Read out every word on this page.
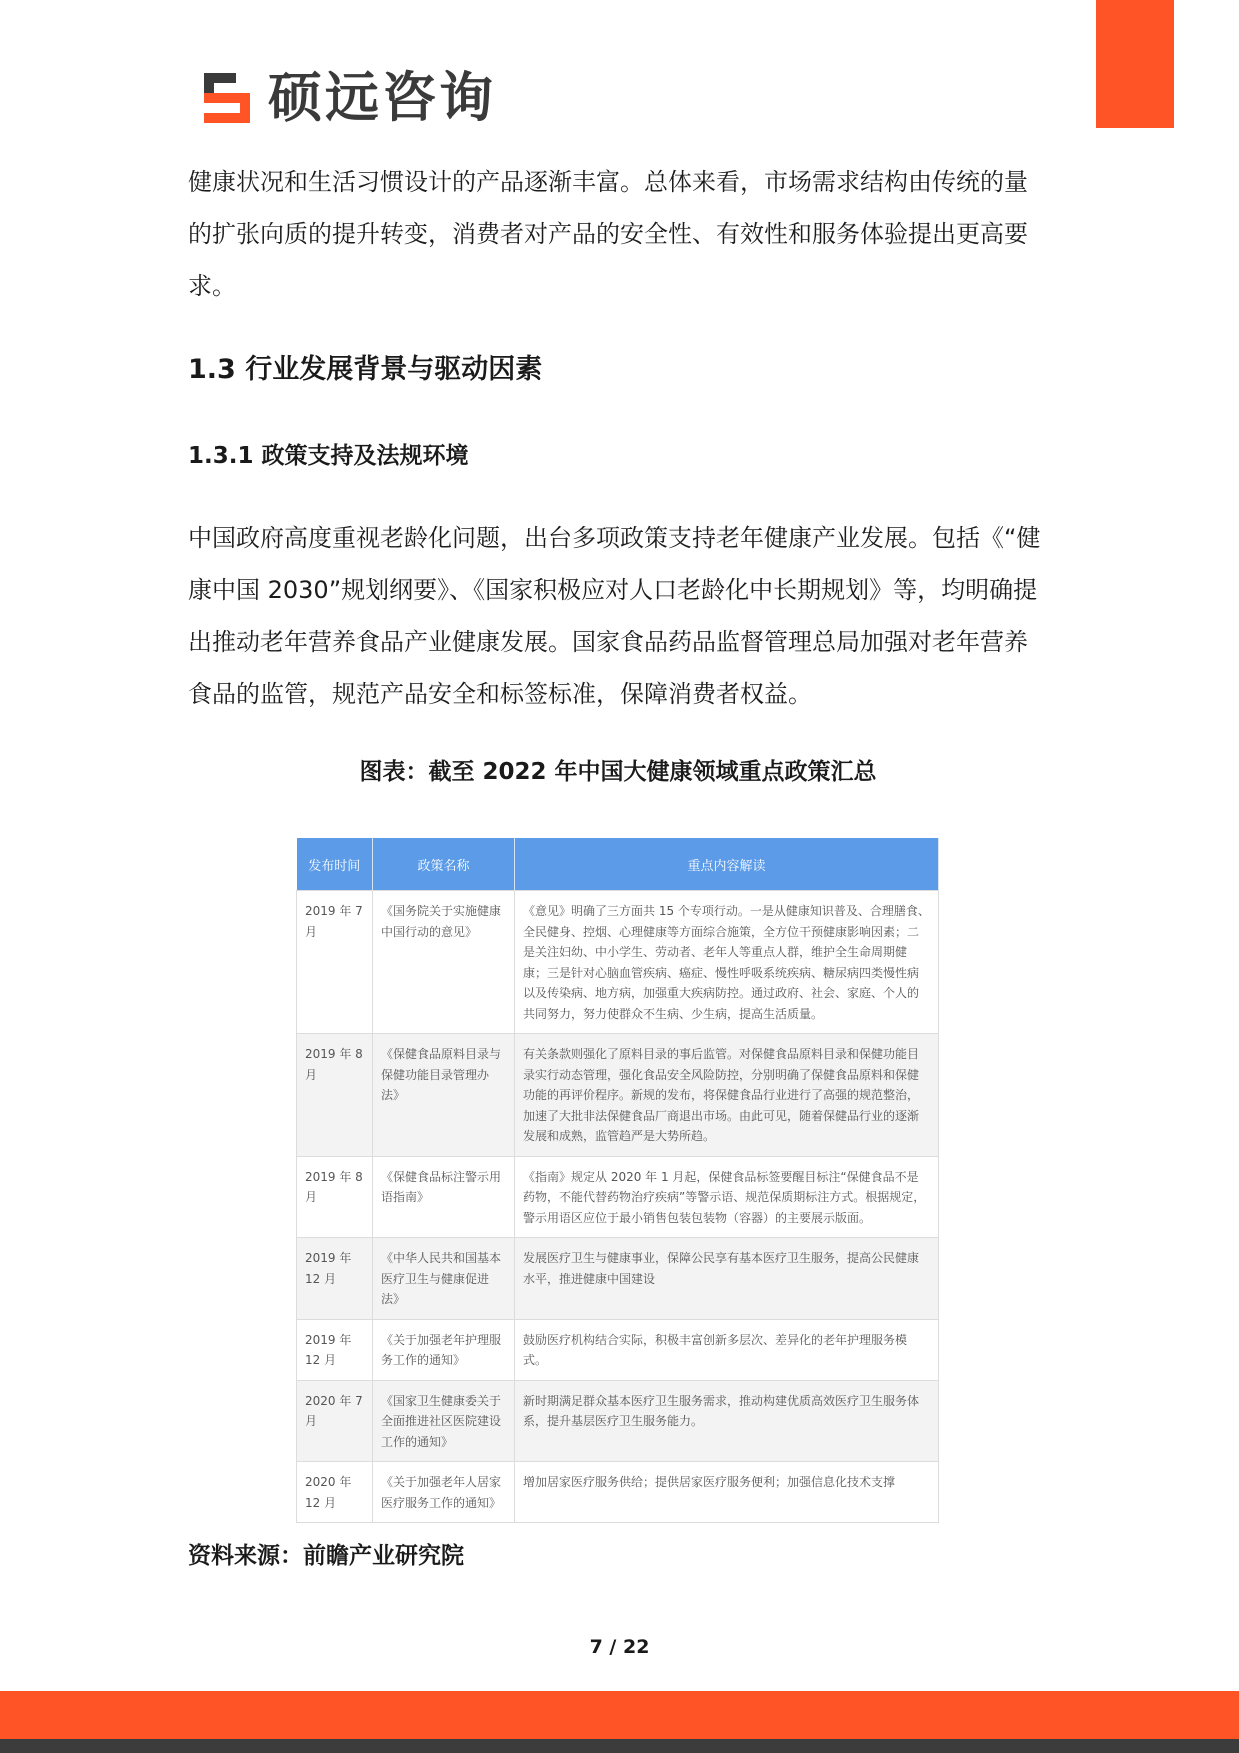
硕远咨询

健康状况和生活习惯设计的产品逐渐丰富。总体来看，市场需求结构由传统的量的扩张向质的提升转变，消费者对产品的安全性、有效性和服务体验提出更高要求。

1.3 行业发展背景与驱动因素
1.3.1 政策支持及法规环境

中国政府高度重视老龄化问题，出台多项政策支持老年健康产业发展。包括《“健康中国 2030”规划纲要》、《国家积极应对人口老龄化中长期规划》等，均明确提出推动老年营养食品产业健康发展。国家食品药品监督管理总局加强对老年营养食品的监管，规范产品安全和标签标准，保障消费者权益。

图表：截至 2022 年中国大健康领域重点政策汇总
发布时间	政策名称	重点内容解读
2019 年 7 月	《国务院关于实施健康中国行动的意见》	《意见》明确了三方面共 15 个专项行动。一是从健康知识普及、合理膳食、全民健身、控烟、心理健康等方面综合施策，全方位干预健康影响因素；二是关注妇幼、中小学生、劳动者、老年人等重点人群，维护全生命周期健康；三是针对心脑血管疾病、癌症、慢性呼吸系统疾病、糖尿病四类慢性病以及传染病、地方病，加强重大疾病防控。通过政府、社会、家庭、个人的共同努力，努力使群众不生病、少生病，提高生活质量。
2019 年 8 月	《保健食品原料目录与保健功能目录管理办法》	有关条款则强化了原料目录的事后监管。对保健食品原料目录和保健功能目录实行动态管理，强化食品安全风险防控，分别明确了保健食品原料和保健功能的再评价程序。新规的发布，将保健食品行业进行了高强的规范整治，加速了大批非法保健食品厂商退出市场。由此可见，随着保健品行业的逐渐发展和成熟，监管趋严是大势所趋。
2019 年 8 月	《保健食品标注警示用语指南》	《指南》规定从 2020 年 1 月起，保健食品标签要醒目标注“保健食品不是药物，不能代替药物治疗疾病”等警示语、规范保质期标注方式。根据规定，警示用语区应位于最小销售包装包装物（容器）的主要展示版面。
2019 年 12 月	《中华人民共和国基本医疗卫生与健康促进法》	发展医疗卫生与健康事业，保障公民享有基本医疗卫生服务，提高公民健康水平，推进健康中国建设
2019 年 12 月	《关于加强老年护理服务工作的通知》	鼓励医疗机构结合实际，积极丰富创新多层次、差异化的老年护理服务模式。
2020 年 7 月	《国家卫生健康委关于全面推进社区医院建设工作的通知》	新时期满足群众基本医疗卫生服务需求，推动构建优质高效医疗卫生服务体系，提升基层医疗卫生服务能力。
2020 年 12 月	《关于加强老年人居家医疗服务工作的通知》	增加居家医疗服务供给；提供居家医疗服务便利；加强信息化技术支撑

资料来源：前瞻产业研究院

7 / 22
